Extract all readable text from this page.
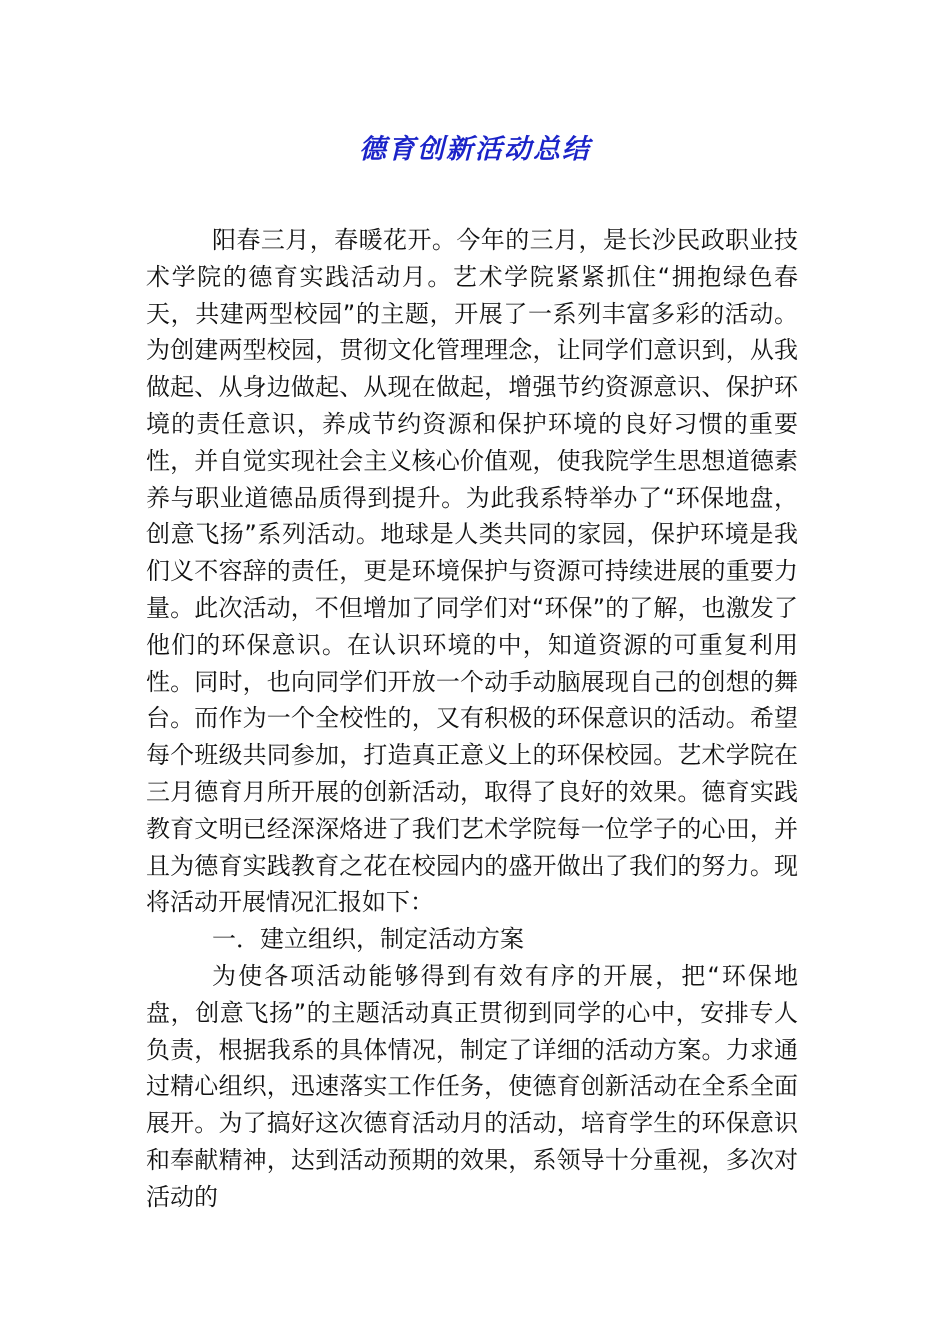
德育创新活动总结

阳春三月，春暖花开。今年的三月，是长沙民政职业技术学院的德育实践活动月。艺术学院紧紧抓住“拥抱绿色春天，共建两型校园”的主题，开展了一系列丰富多彩的活动。为创建两型校园，贯彻文化管理理念，让同学们意识到，从我做起、从身边做起、从现在做起，增强节约资源意识、保护环境的责任意识，养成节约资源和保护环境的良好习惯的重要性，并自觉实现社会主义核心价值观，使我院学生思想道德素养与职业道德品质得到提升。为此我系特举办了“环保地盘，创意飞扬”系列活动。地球是人类共同的家园，保护环境是我们义不容辞的责任，更是环境保护与资源可持续进展的重要力量。此次活动，不但增加了同学们对“环保”的了解，也激发了他们的环保意识。在认识环境的中，知道资源的可重复利用性。同时，也向同学们开放一个动手动脑展现自己的创想的舞台。而作为一个全校性的，又有积极的环保意识的活动。希望每个班级共同参加，打造真正意义上的环保校园。艺术学院在三月德育月所开展的创新活动，取得了良好的效果。德育实践教育文明已经深深烙进了我们艺术学院每一位学子的心田，并且为德育实践教育之花在校园内的盛开做出了我们的努力。现将活动开展情况汇报如下：

一．建立组织，制定活动方案

为使各项活动能够得到有效有序的开展，把“环保地盘，创意飞扬”的主题活动真正贯彻到同学的心中，安排专人负责，根据我系的具体情况，制定了详细的活动方案。力求通过精心组织，迅速落实工作任务，使德育创新活动在全系全面展开。为了搞好这次德育活动月的活动，培育学生的环保意识和奉献精神，达到活动预期的效果，系领导十分重视，多次对活动的
